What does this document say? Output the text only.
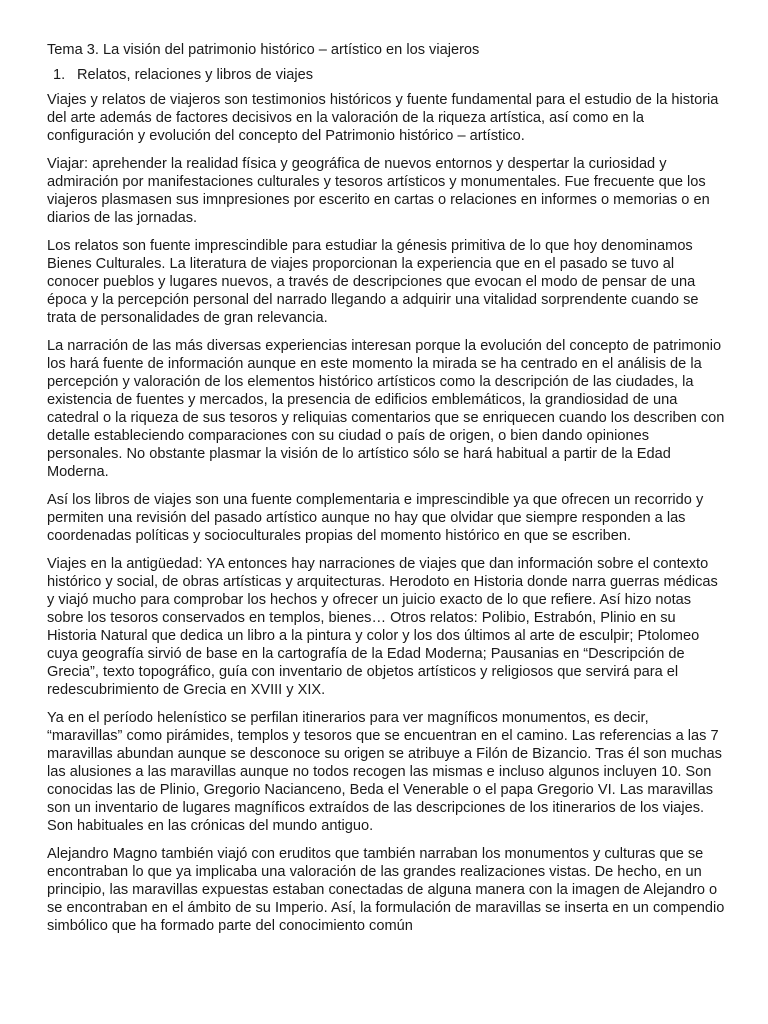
Tema 3. La visión del patrimonio histórico – artístico en los viajeros
1. Relatos, relaciones y libros de viajes

Viajes y relatos de viajeros son testimonios históricos y fuente fundamental para el estudio de la historia del arte además de factores decisivos en la valoración de la riqueza artística, así como en la configuración y evolución del concepto del Patrimonio histórico – artístico.

Viajar: aprehender la realidad física y geográfica de nuevos entornos y despertar la curiosidad y admiración por manifestaciones culturales y tesoros artísticos y monumentales. Fue frecuente que los viajeros plasmasen sus imnpresiones por escerito en cartas o relaciones en informes o memorias o en diarios de las jornadas.

Los relatos son fuente imprescindible para estudiar la génesis primitiva de lo que hoy denominamos Bienes Culturales. La literatura de viajes proporcionan la experiencia que en el pasado se tuvo al conocer pueblos y lugares nuevos, a través de descripciones que evocan el modo de pensar de una época y la percepción personal del narrado llegando a adquirir una vitalidad sorprendente cuando se trata de personalidades de gran relevancia.

La narración de las más diversas experiencias interesan porque la evolución del concepto de patrimonio los hará fuente de información aunque en este momento la mirada se ha centrado en el análisis de la percepción y valoración de los elementos histórico artísticos como la descripción de las ciudades, la existencia de fuentes y mercados, la presencia de edificios emblemáticos, la grandiosidad de una catedral o la riqueza de sus tesoros y reliquias comentarios que se enriquecen cuando los describen con detalle estableciendo comparaciones con su ciudad o país de origen, o bien dando opiniones personales. No obstante plasmar la visión de lo artístico sólo se hará habitual a partir de la Edad Moderna.

Así los libros de viajes son una fuente complementaria e imprescindible ya que ofrecen un recorrido y permiten una revisión del pasado artístico aunque no hay que olvidar que siempre responden a las coordenadas políticas y socioculturales propias del momento histórico en que se escriben.

Viajes en la antigüedad: YA entonces hay narraciones de viajes que dan información sobre el contexto histórico y social, de obras artísticas y arquitecturas. Herodoto en Historia donde narra guerras médicas y viajó mucho para comprobar los hechos y ofrecer un juicio exacto de lo que refiere. Así hizo notas sobre los tesoros conservados en templos, bienes… Otros relatos: Polibio, Estrabón, Plinio en su Historia Natural que dedica un libro a la pintura y color y los dos últimos al arte de esculpir; Ptolomeo cuya geografía sirvió de base en la cartografía de la Edad Moderna; Pausanias en “Descripción de Grecia”, texto topográfico, guía con inventario de objetos artísticos y religiosos que servirá para el redescubrimiento de Grecia en XVIII y XIX.

Ya en el período helenístico se perfilan itinerarios para ver magníficos monumentos, es decir, “maravillas” como pirámides, templos y tesoros que se encuentran en el camino. Las referencias a las 7 maravillas abundan aunque se desconoce su origen se atribuye a Filón de Bizancio. Tras él son muchas las alusiones a las maravillas aunque no todos recogen las mismas e incluso algunos incluyen 10. Son conocidas las de Plinio, Gregorio Nacianceno, Beda el Venerable o el papa Gregorio VI. Las maravillas son un inventario de lugares magníficos extraídos de las descripciones de los itinerarios de los viajes. Son habituales en las crónicas del mundo antiguo.

Alejandro Magno también viajó con eruditos que también narraban los monumentos y culturas que se encontraban lo que ya implicaba una valoración de las grandes realizaciones vistas. De hecho, en un principio, las maravillas expuestas estaban conectadas de alguna manera con la imagen de Alejandro o se encontraban en el ámbito de su Imperio. Así, la formulación de maravillas se inserta en un compendio simbólico que ha formado parte del conocimiento común
